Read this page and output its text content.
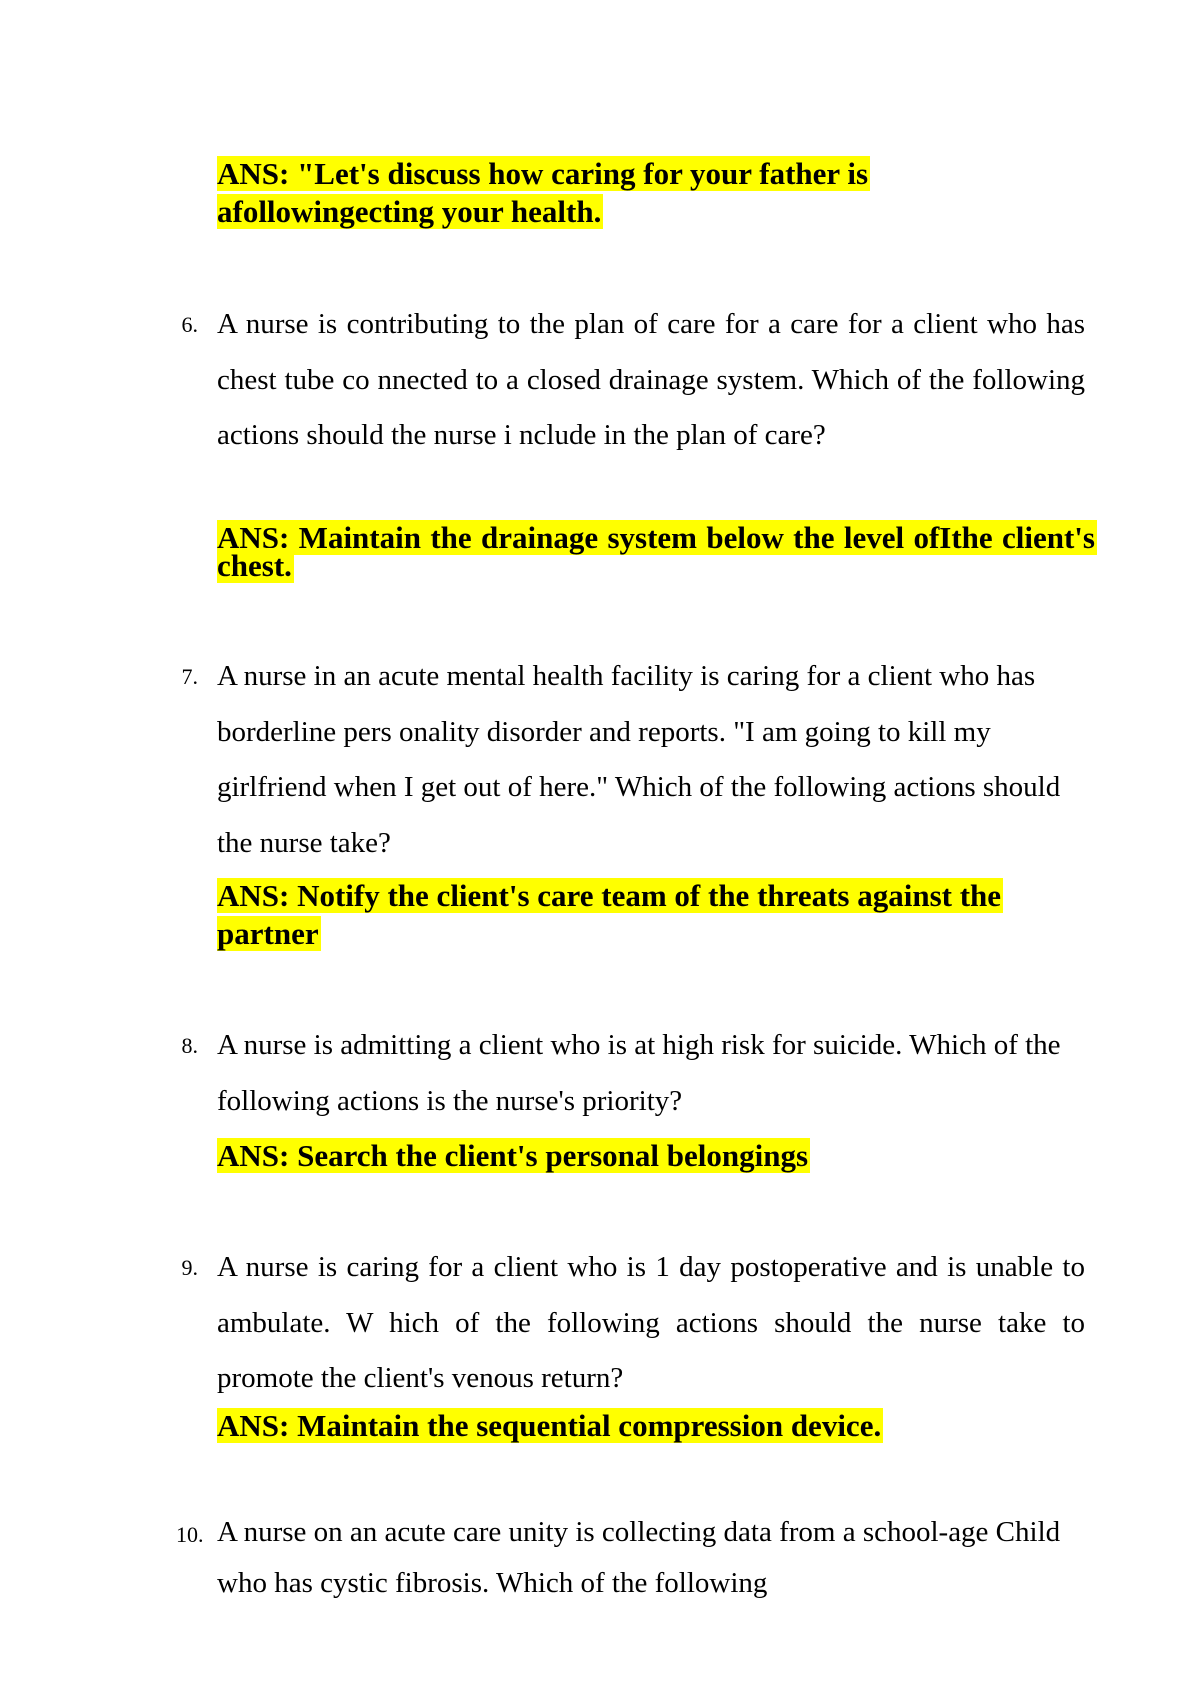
ANS: "Let's discuss how caring for your father is afollowingecting your health.

6. A nurse is contributing to the plan of care for a care for a client who has chest tube co nnected to a closed drainage system. Which of the following actions should the nurse i nclude in the plan of care?

ANS: Maintain the drainage system below the level ofIthe client's chest.

7. A nurse in an acute mental health facility is caring for a client who has borderline pers onality disorder and reports. "I am going to kill my girlfriend when I get out of here." Which of the following actions should the nurse take?

ANS: Notify the client's care team of the threats against the partner

8. A nurse is admitting a client who is at high risk for suicide. Which of the following actions is the nurse's priority?

ANS: Search the client's personal belongings

9. A nurse is caring for a client who is 1 day postoperative and is unable to ambulate. W hich of the following actions should the nurse take to promote the client's venous return?

ANS: Maintain the sequential compression device.

10. A nurse on an acute care unity is collecting data from a school-age Child who has cystic fibrosis. Which of the following
